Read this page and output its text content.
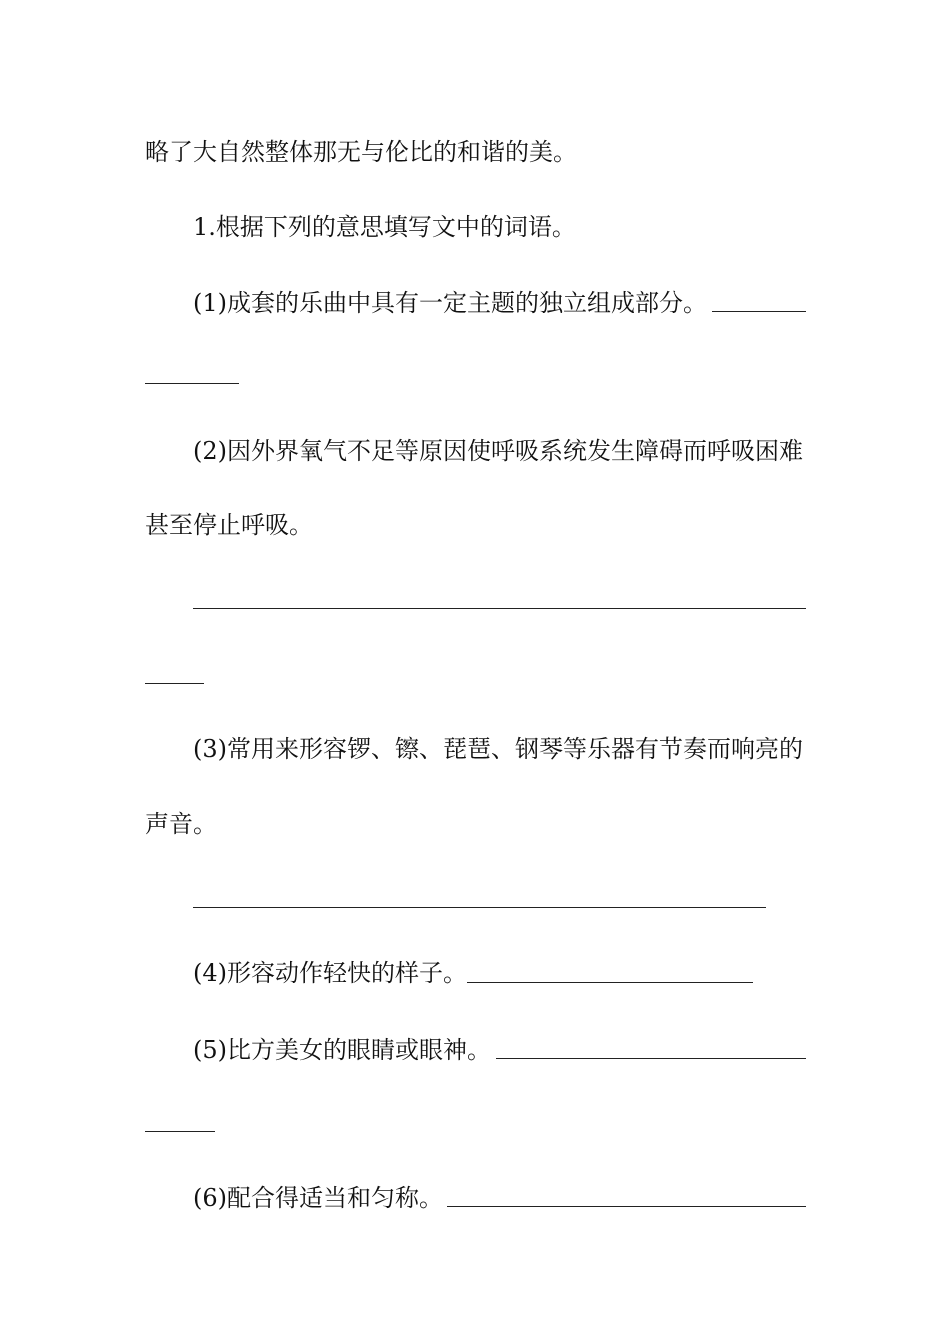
略了大自然整体那无与伦比的和谐的美。
1.根据下列的意思填写文中的词语。
(1)成套的乐曲中具有一定主题的独立组成部分。
(2)因外界氧气不足等原因使呼吸系统发生障碍而呼吸困难
甚至停止呼吸。
(3)常用来形容锣、镲、琵琶、钢琴等乐器有节奏而响亮的
声音。
(4)形容动作轻快的样子。
(5)比方美女的眼睛或眼神。
(6)配合得适当和匀称。
